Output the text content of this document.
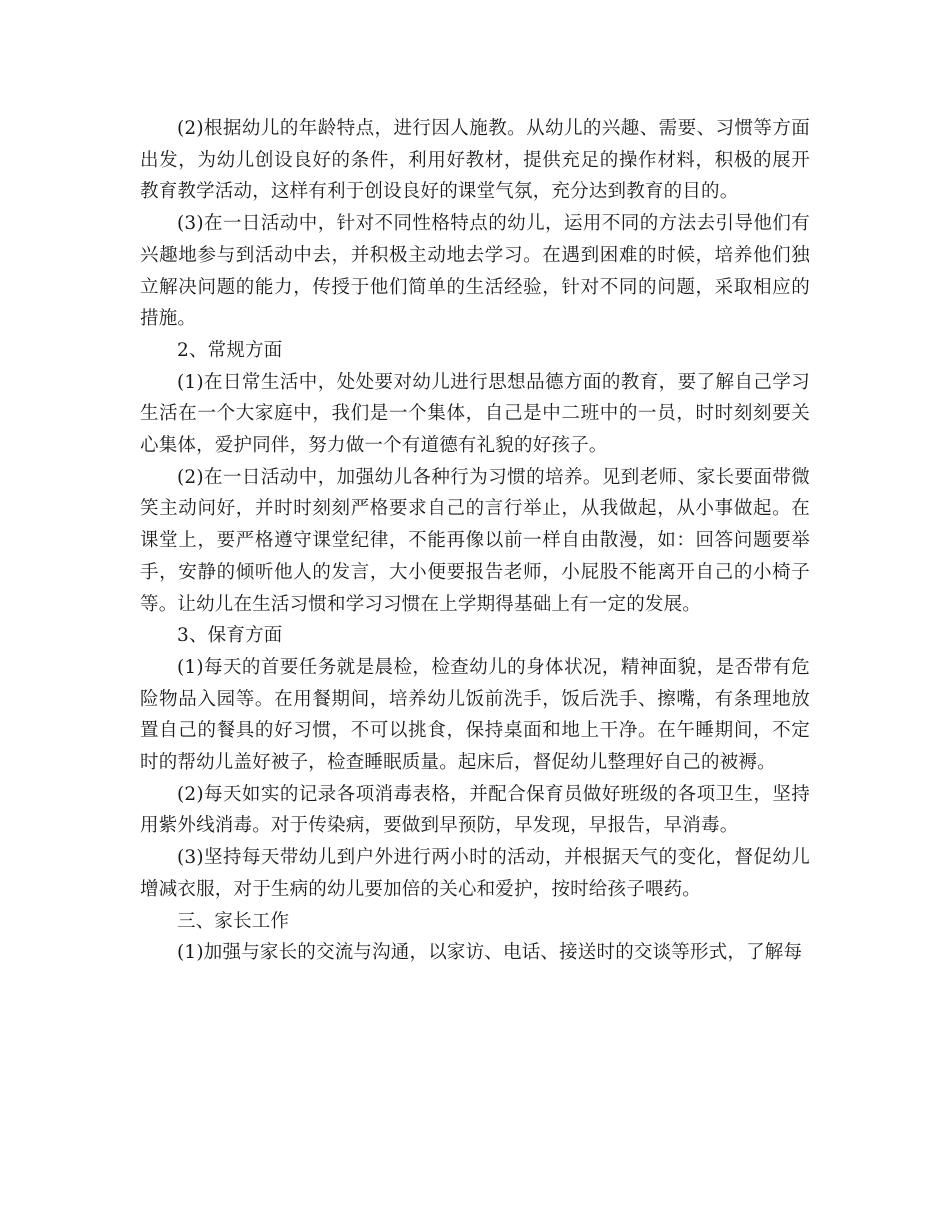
(2)根据幼儿的年龄特点，进行因人施教。从幼儿的兴趣、需要、习惯等方面出发，为幼儿创设良好的条件，利用好教材，提供充足的操作材料，积极的展开教育教学活动，这样有利于创设良好的课堂气氛，充分达到教育的目的。

(3)在一日活动中，针对不同性格特点的幼儿，运用不同的方法去引导他们有兴趣地参与到活动中去，并积极主动地去学习。在遇到困难的时候，培养他们独立解决问题的能力，传授于他们简单的生活经验，针对不同的问题，采取相应的措施。

2、常规方面

(1)在日常生活中，处处要对幼儿进行思想品德方面的教育，要了解自己学习生活在一个大家庭中，我们是一个集体，自己是中二班中的一员，时时刻刻要关心集体，爱护同伴，努力做一个有道德有礼貌的好孩子。

(2)在一日活动中，加强幼儿各种行为习惯的培养。见到老师、家长要面带微笑主动问好，并时时刻刻严格要求自己的言行举止，从我做起，从小事做起。在课堂上，要严格遵守课堂纪律，不能再像以前一样自由散漫，如：回答问题要举手，安静的倾听他人的发言，大小便要报告老师，小屁股不能离开自己的小椅子等。让幼儿在生活习惯和学习习惯在上学期得基础上有一定的发展。

3、保育方面

(1)每天的首要任务就是晨检，检查幼儿的身体状况，精神面貌，是否带有危险物品入园等。在用餐期间，培养幼儿饭前洗手，饭后洗手、擦嘴，有条理地放置自己的餐具的好习惯，不可以挑食，保持桌面和地上干净。在午睡期间，不定时的帮幼儿盖好被子，检查睡眠质量。起床后，督促幼儿整理好自己的被褥。

(2)每天如实的记录各项消毒表格，并配合保育员做好班级的各项卫生，坚持用紫外线消毒。对于传染病，要做到早预防，早发现，早报告，早消毒。

(3)坚持每天带幼儿到户外进行两小时的活动，并根据天气的变化，督促幼儿增减衣服，对于生病的幼儿要加倍的关心和爱护，按时给孩子喂药。

三、家长工作

(1)加强与家长的交流与沟通，以家访、电话、接送时的交谈等形式，了解每
